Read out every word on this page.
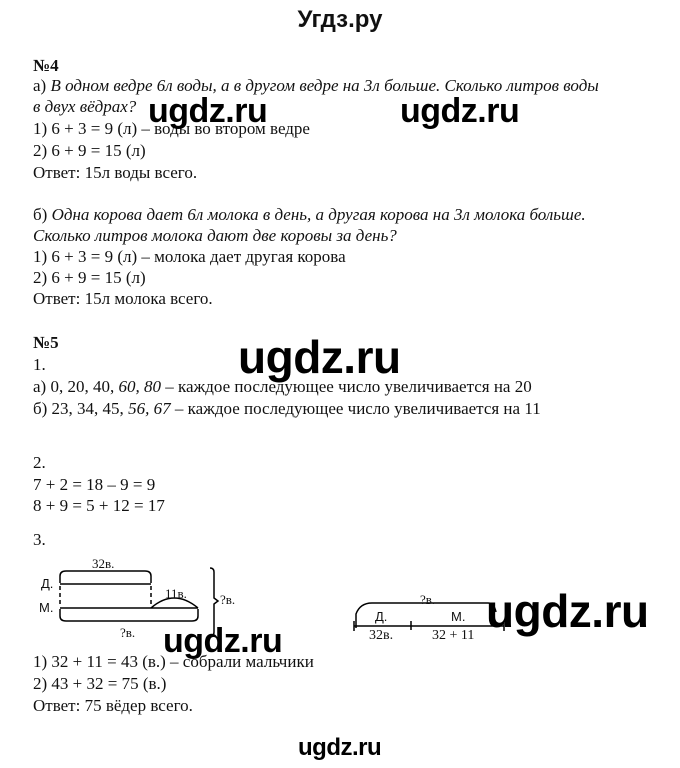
Угдз.ру
№4
а) В одном ведре 6л воды, а в другом ведре на 3л больше. Сколько литров воды
в двух вёдрах?
1) 6 + 3 = 9 (л) – воды во втором ведре
2) 6 + 9 = 15 (л)
Ответ: 15л воды всего.
б) Одна корова дает 6л молока в день, а другая корова на 3л молока больше.
Сколько литров молока дают две коровы за день?
1) 6 + 3 = 9 (л) – молока дает другая корова
2) 6 + 9 = 15 (л)
Ответ: 15л молока всего.
№5
1.
а) 0, 20, 40, 60, 80 – каждое последующее число увеличивается на 20
б) 23, 34, 45, 56, 67 – каждое последующее число увеличивается на 11
2.
7 + 2 = 18 – 9 = 9
8 + 9 = 5 + 12 = 17
3.
32в.
Д.
М.
11в.
?в.
?в.	?в.
Д.	М.
32в.	32 + 11
1) 32 + 11 = 43 (в.) – собрали мальчики
2) 43 + 32 = 75 (в.)
Ответ: 75 вёдер всего.
ugdz.ru	ugdz.ru
ugdz.ru
ugdz.ru
ugdz.ru
ugdz.ru
